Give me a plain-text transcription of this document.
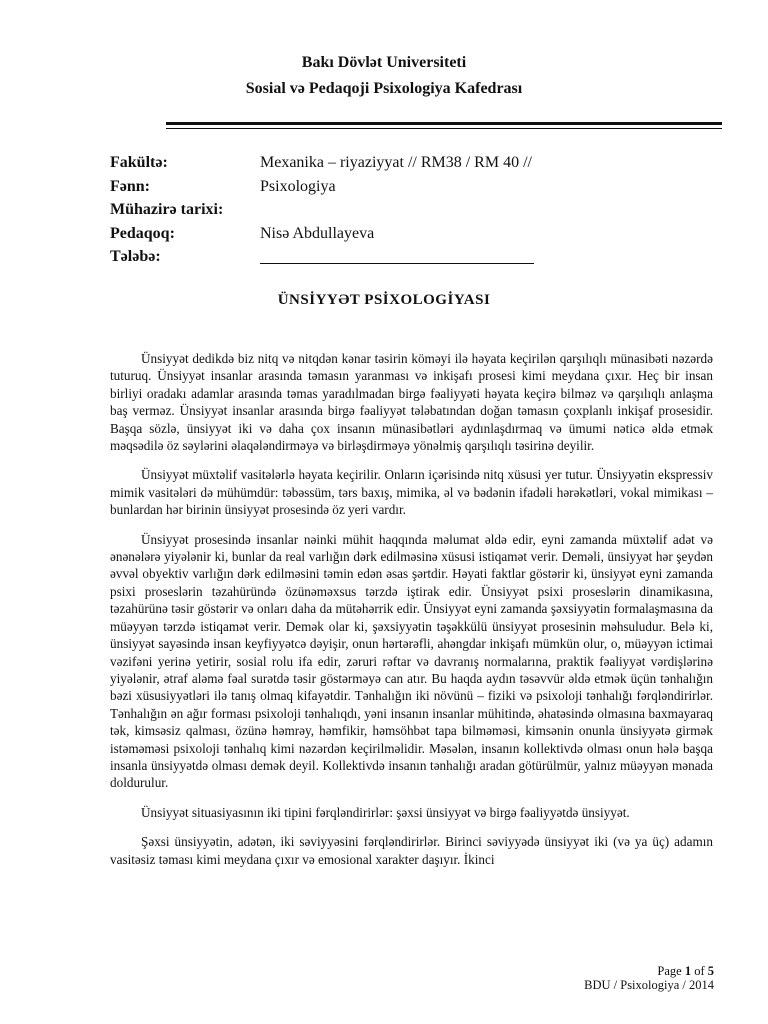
Bakı Dövlət Universiteti

Sosial və Pedaqoji Psixologiya Kafedrası

Fakültə:	Mexanika – riyaziyyat // RM38 / RM 40 //
Fənn:	Psixologiya
Mühazirə tarixi:
Pedaqoq:	Nisə Abdullayeva
Tələbə:
ÜNSİYYƏT PSİXOLOGİYASI

Ünsiyyət dedikdə biz nitq və nitqdən kənar təsirin köməyi ilə həyata keçirilən qarşılıqlı münasibəti nəzərdə tuturuq. Ünsiyyət insanlar arasında təmasın yaranması və inkişafı prosesi kimi meydana çıxır. Heç bir insan birliyi oradakı adamlar arasında təmas yaradılmadan birgə fəaliyyəti həyata keçirə bilməz və qarşılıqlı anlaşma baş verməz. Ünsiyyət insanlar arasında birgə fəaliyyət tələbatından doğan təmasın çoxplanlı inkişaf prosesidir. Başqa sözlə, ünsiyyət iki və daha çox insanın münasibətləri aydınlaşdırmaq və ümumi nəticə əldə etmək məqsədilə öz səylərini əlaqələndirməyə və birləşdirməyə yönəlmiş qarşılıqlı təsirinə deyilir.

Ünsiyyət müxtəlif vasitələrlə həyata keçirilir. Onların içərisində nitq xüsusi yer tutur. Ünsiyyətin ekspressiv mimik vasitələri də mühümdür: təbəssüm, tərs baxış, mimika, əl və bədənin ifadəli hərəkətləri, vokal mimikası – bunlardan hər birinin ünsiyyət prosesində öz yeri vardır.

Ünsiyyət prosesində insanlar nəinki mühit haqqında məlumat əldə edir, eyni zamanda müxtəlif adət və ənənələrə yiyələnir ki, bunlar da real varlığın dərk edilməsinə xüsusi istiqamət verir. Deməli, ünsiyyət hər şeydən əvvəl obyektiv varlığın dərk edilməsini təmin edən əsas şərtdir. Həyati faktlar göstərir ki, ünsiyyət eyni zamanda psixi proseslərin təzahüründə özünəməxsus tərzdə iştirak edir. Ünsiyyət psixi proseslərin dinamikasına, təzahürünə təsir göstərir və onları daha da mütəhərrik edir. Ünsiyyət eyni zamanda şəxsiyyətin formalaşmasına da müəyyən tərzdə istiqamət verir. Demək olar ki, şəxsiyyətin təşəkkülü ünsiyyət prosesinin məhsuludur. Belə ki, ünsiyyət sayəsində insan keyfiyyətcə dəyişir, onun hərtərəfli, ahəngdar inkişafı mümkün olur, o, müəyyən ictimai vəzifəni yerinə yetirir, sosial rolu ifa edir, zəruri rəftar və davranış normalarına, praktik fəaliyyət vərdişlərinə yiyələnir, ətraf aləmə fəal surətdə təsir göstərməyə can atır. Bu haqda aydın təsəvvür əldə etmək üçün tənhalığın bəzi xüsusiyyətləri ilə tanış olmaq kifayətdir. Tənhalığın iki növünü – fiziki və psixoloji tənhalığı fərqləndirirlər. Tənhalığın ən ağır forması psixoloji tənhalıqdı, yəni insanın insanlar mühitində, əhatəsində olmasına baxmayaraq tək, kimsəsiz qalması, özünə həmrəy, həmfikir, həmsöhbət tapa bilməməsi, kimsənin onunla ünsiyyətə girmək istəməməsi psixoloji tənhalıq kimi nəzərdən keçirilməlidir. Məsələn, insanın kollektivdə olması onun hələ başqa insanla ünsiyyətdə olması demək deyil. Kollektivdə insanın tənhalığı aradan götürülmür, yalnız müəyyən mənada doldurulur.

Ünsiyyət situasiyasının iki tipini fərqləndirirlər: şəxsi ünsiyyət və birgə fəaliyyətdə ünsiyyət.

Şəxsi ünsiyyətin, adətən, iki səviyyəsini fərqləndirirlər. Birinci səviyyədə ünsiyyət iki (və ya üç) adamın vasitəsiz təması kimi meydana çıxır və emosional xarakter daşıyır. İkinci

Page 1 of 5
BDU / Psixologiya / 2014
